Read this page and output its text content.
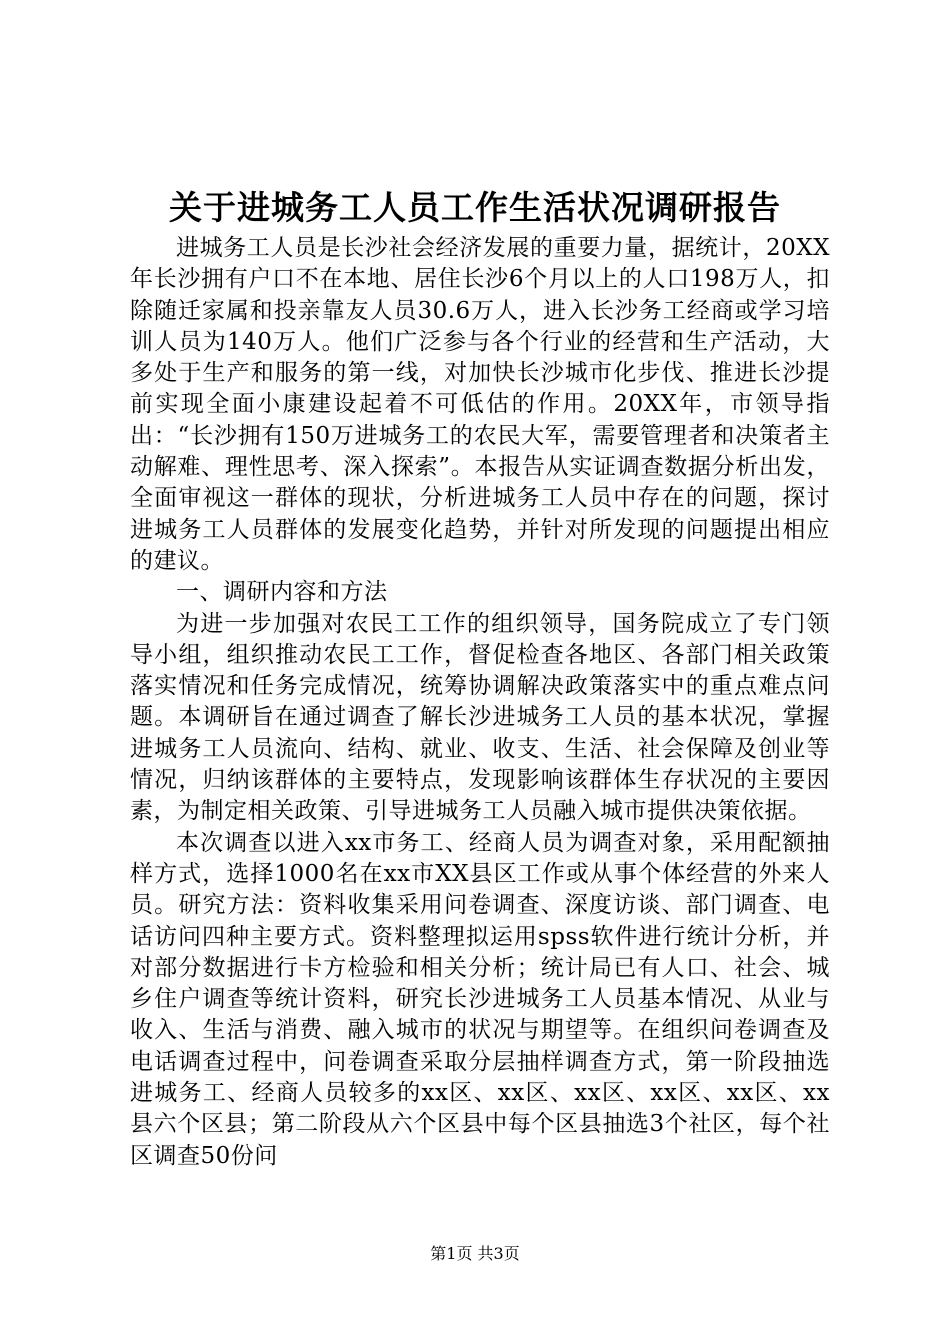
关于进城务工人员工作生活状况调研报告

进城务工人员是长沙社会经济发展的重要力量，据统计，20XX年长沙拥有户口不在本地、居住长沙6个月以上的人口198万人，扣除随迁家属和投亲靠友人员30.6万人，进入长沙务工经商或学习培训人员为140万人。他们广泛参与各个行业的经营和生产活动，大多处于生产和服务的第一线，对加快长沙城市化步伐、推进长沙提前实现全面小康建设起着不可低估的作用。20XX年，市领导指出：“长沙拥有150万进城务工的农民大军，需要管理者和决策者主动解难、理性思考、深入探索”。本报告从实证调查数据分析出发，全面审视这一群体的现状，分析进城务工人员中存在的问题，探讨进城务工人员群体的发展变化趋势，并针对所发现的问题提出相应的建议。

一、调研内容和方法

为进一步加强对农民工工作的组织领导，国务院成立了专门领导小组，组织推动农民工工作，督促检查各地区、各部门相关政策落实情况和任务完成情况，统筹协调解决政策落实中的重点难点问题。本调研旨在通过调查了解长沙进城务工人员的基本状况，掌握进城务工人员流向、结构、就业、收支、生活、社会保障及创业等情况，归纳该群体的主要特点，发现影响该群体生存状况的主要因素，为制定相关政策、引导进城务工人员融入城市提供决策依据。

本次调查以进入xx市务工、经商人员为调查对象，采用配额抽样方式，选择1000名在xx市XX县区工作或从事个体经营的外来人员。研究方法：资料收集采用问卷调查、深度访谈、部门调查、电话访问四种主要方式。资料整理拟运用spss软件进行统计分析，并对部分数据进行卡方检验和相关分析；统计局已有人口、社会、城乡住户调查等统计资料，研究长沙进城务工人员基本情况、从业与收入、生活与消费、融入城市的状况与期望等。在组织问卷调查及电话调查过程中，问卷调查采取分层抽样调查方式，第一阶段抽选进城务工、经商人员较多的xx区、xx区、xx区、xx区、xx区、xx县六个区县；第二阶段从六个区县中每个区县抽选3个社区，每个社区调查50份问

第1页 共3页
